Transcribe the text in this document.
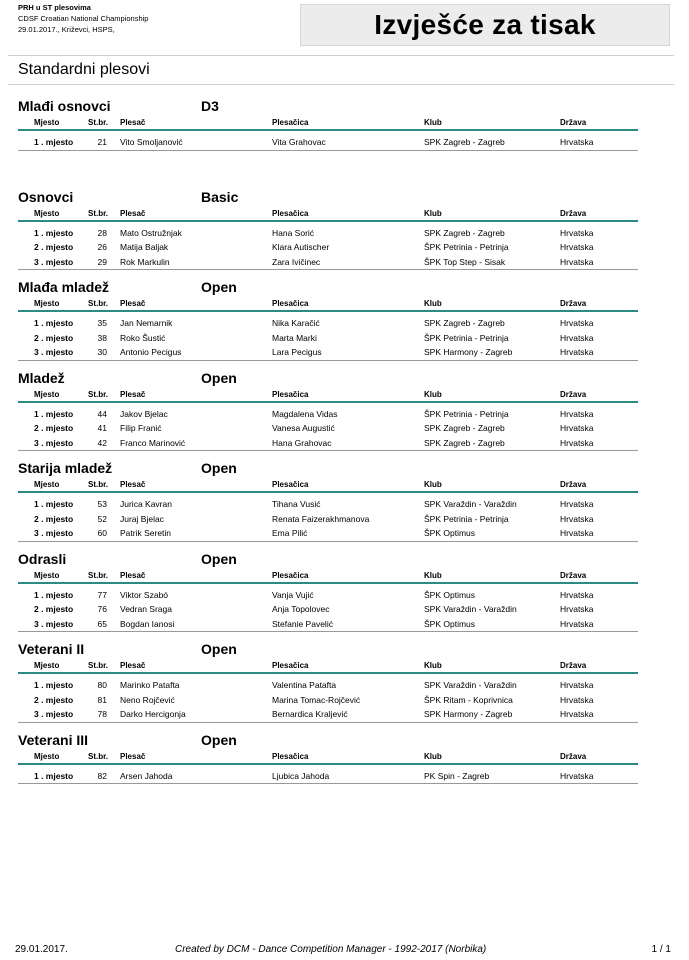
PRH u ST plesovima
CDSF Croatian National Championship
29.01.2017., Križevci, HSPS,	Izvješće za tisak
Standardni plesovi
Mlađi osnovci	D3
Mjesto	St.br. Plesač	Plesačica	Klub	Država
1 . mjesto	21 Vito Smoljanović	Vita Grahovac	SPK Zagreb - Zagreb	Hrvatska
Osnovci	Basic
Mjesto	St.br. Plesač	Plesačica	Klub	Država
1 . mjesto	28 Mato Ostružnjak	Hana Sorić	SPK Zagreb - Zagreb	Hrvatska
2 . mjesto	26 Matija Baljak	Klara Autischer	ŠPK Petrinia - Petrinja	Hrvatska
3 . mjesto	29 Rok Markulin	Zara Ivičinec	ŠPK Top Step - Sisak	Hrvatska
Mlađa mladež	Open
Mjesto	St.br. Plesač	Plesačica	Klub	Država
1 . mjesto	35 Jan Nemarnik	Nika Karačić	SPK Zagreb - Zagreb	Hrvatska
2 . mjesto	38 Roko Šustić	Marta Marki	ŠPK Petrinia - Petrinja	Hrvatska
3 . mjesto	30 Antonio Pecigus	Lara Pecigus	SPK Harmony - Zagreb	Hrvatska
Mladež	Open
Mjesto	St.br. Plesač	Plesačica	Klub	Država
1 . mjesto	44 Jakov Bjelac	Magdalena Vidas	ŠPK Petrinia - Petrinja	Hrvatska
2 . mjesto	41 Filip Franić	Vanesa Augustić	SPK Zagreb - Zagreb	Hrvatska
3 . mjesto	42 Franco Marinović	Hana Grahovac	SPK Zagreb - Zagreb	Hrvatska
Starija mladež	Open
Mjesto	St.br. Plesač	Plesačica	Klub	Država
1 . mjesto	53 Jurica Kavran	Tihana Vusić	SPK Varaždin - Varaždin	Hrvatska
2 . mjesto	52 Juraj Bjelac	Renata Faizerakhmanova	ŠPK Petrinia - Petrinja	Hrvatska
3 . mjesto	60 Patrik Seretin	Ema Pilić	ŠPK Optimus	Hrvatska
Odrasli	Open
Mjesto	St.br. Plesač	Plesačica	Klub	Država
1 . mjesto	77 Viktor Szabó	Vanja Vujić	ŠPK Optimus	Hrvatska
2 . mjesto	76 Vedran Sraga	Anja Topolovec	SPK Varaždin - Varaždin	Hrvatska
3 . mjesto	65 Bogdan Ianosi	Stefanie Pavelić	ŠPK Optimus	Hrvatska
Veterani II	Open
Mjesto	St.br. Plesač	Plesačica	Klub	Država
1 . mjesto	80 Marinko Patafta	Valentina Patafta	SPK Varaždin - Varaždin	Hrvatska
2 . mjesto	81 Neno Rojčević	Marina Tomac-Rojčević	ŠPK Ritam - Koprivnica	Hrvatska
3 . mjesto	78 Darko Hercigonja	Bernardica Kraljević	SPK Harmony - Zagreb	Hrvatska
Veterani III	Open
Mjesto	St.br. Plesač	Plesačica	Klub	Država
1 . mjesto	82 Arsen Jahoda	Ljubica Jahoda	PK Spin - Zagreb	Hrvatska
29.01.2017.	Created by DCM - Dance Competition Manager - 1992-2017 (Norbika)	1 / 1
